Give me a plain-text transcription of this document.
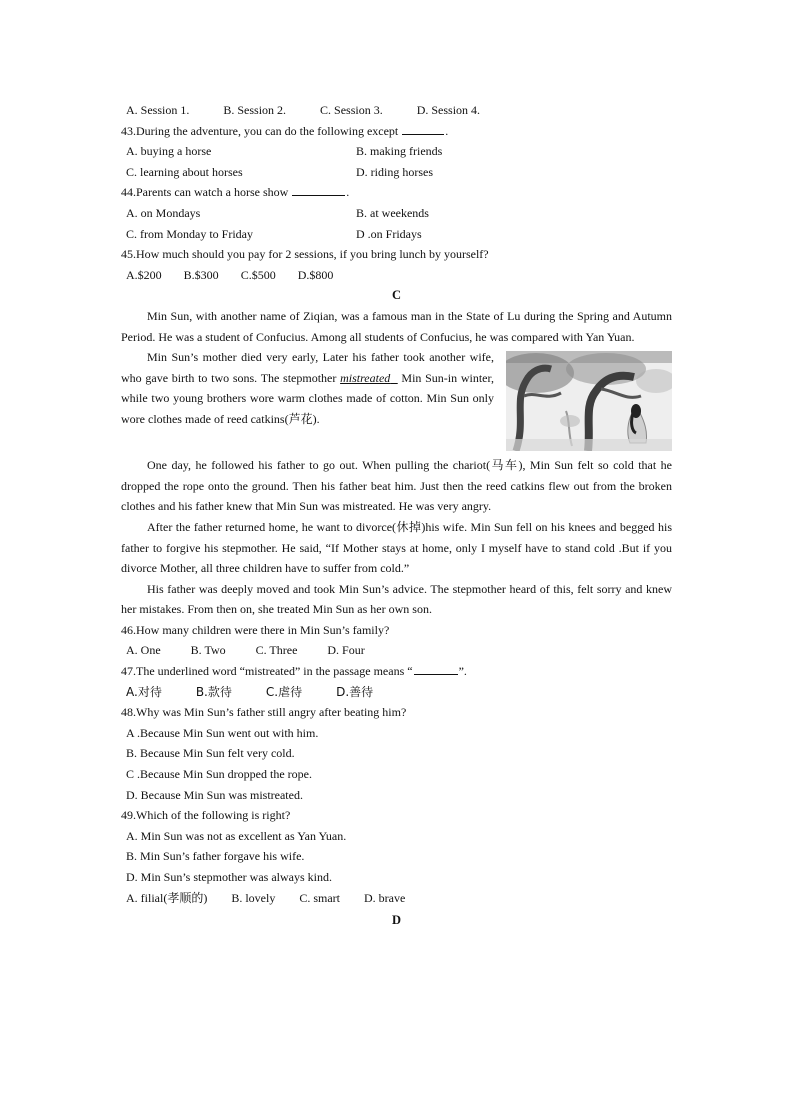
A. Session 1.	B. Session 2.	C. Session 3.	D. Session 4.
43.During the adventure, you can do the following except	.
A. buying a horse	B. making friends
C. learning about horses	D. riding horses
44.Parents can watch a horse show	.
A. on Mondays	B. at weekends
C. from Monday to Friday	D .on Fridays
45.How much should you pay for 2 sessions, if you bring lunch by yourself?
A.$200 B.$300 C.$500 D.$800
C

Min Sun, with another name of Ziqian, was a famous man in the State of Lu during the Spring and Autumn Period. He was a student of Confucius. Among all students of Confucius, he was compared with Yan Yuan.

Min Sun’s mother died very early, Later his father took another wife, who gave birth to two sons. The stepmother mistreated   Min Sun-in winter, while two young brothers wore warm clothes made of cotton. Min Sun only wore clothes made of reed catkins(芦花).

One day, he followed his father to go out. When pulling the chariot(马车), Min Sun felt so cold that he dropped the rope onto the ground. Then his father beat him. Just then the reed catkins flew out from the broken clothes and his father knew that Min Sun was mistreated. He was very angry.

After the father returned home, he want to divorce(休掉)his wife. Min Sun fell on his knees and begged his father to forgive his stepmother. He said, “If Mother stays at home, only I myself have to stand cold .But if you divorce Mother, all three children have to suffer from cold.”

His father was deeply moved and took Min Sun’s advice. The stepmother heard of this, felt sorry and knew her mistakes. From then on, she treated Min Sun as her own son.

46.How many children were there in Min Sun’s family?
A. One	B. Two	C. Three	D. Four
47.The underlined word “mistreated” in the passage means “	”.
A.对待	B.款待	C.虐待	D.善待
48.Why was Min Sun’s father still angry after beating him?
A .Because Min Sun went out with him.
B. Because Min Sun felt very cold.
C .Because Min Sun dropped the rope.
D. Because Min Sun was mistreated.
49.Which of the following is right?
A. Min Sun was not as excellent as Yan Yuan.
B. Min Sun’s father forgave his wife.
D. Min Sun’s stepmother was always kind.
A. filial(孝顺的) B. lovely C. smart D. brave
D
